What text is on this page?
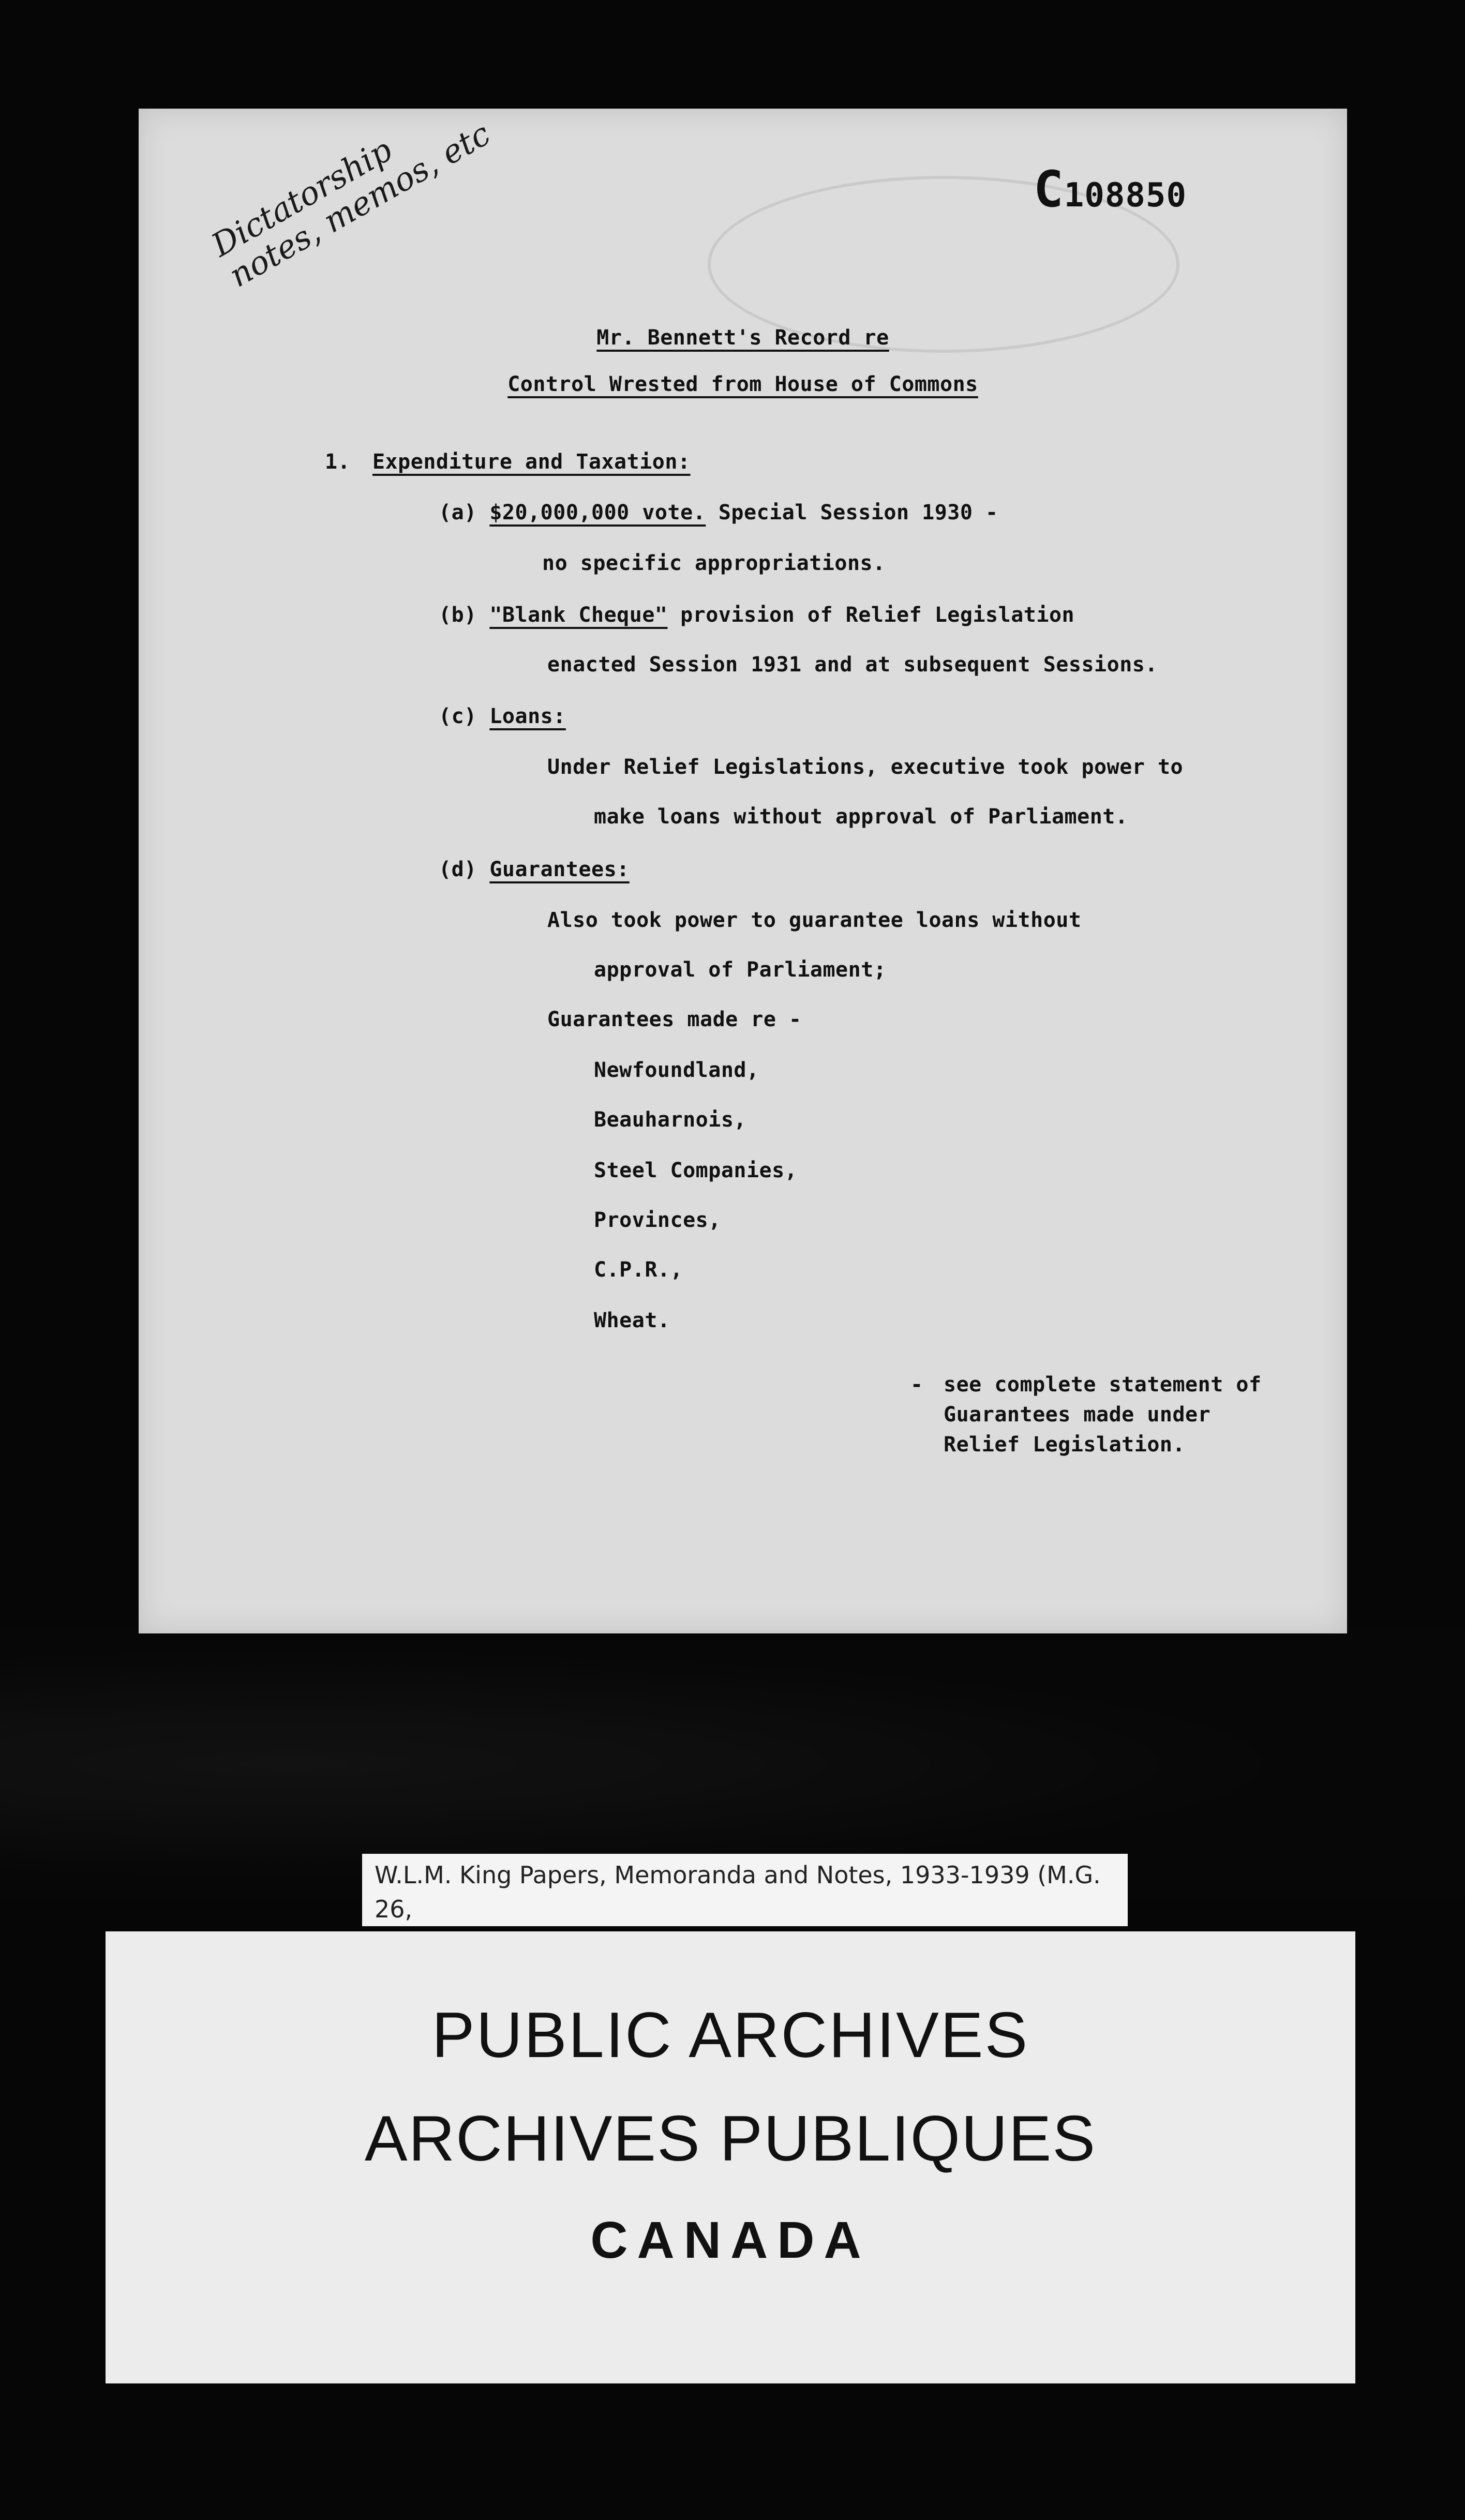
C108850
Dictatorship
notes, memos, etc
Mr. Bennett's Record re
Control Wrested from House of Commons
1. Expenditure and Taxation:
(a) $20,000,000 vote. Special Session 1930 -
no specific appropriations.
(b) "Blank Cheque" provision of Relief Legislation
enacted Session 1931 and at subsequent Sessions.
(c) Loans:
Under Relief Legislations, executive took power to
make loans without approval of Parliament.
(d) Guarantees:
Also took power to guarantee loans without
approval of Parliament;
Guarantees made re -
Newfoundland,
Beauharnois,
Steel Companies,
Provinces,
C.P.R.,
Wheat.
- see complete statement of
Guarantees made under
Relief Legislation.
W.L.M. King Papers, Memoranda and Notes, 1933-1939 (M.G. 26,
PUBLIC ARCHIVES
ARCHIVES PUBLIQUES
CANADA
